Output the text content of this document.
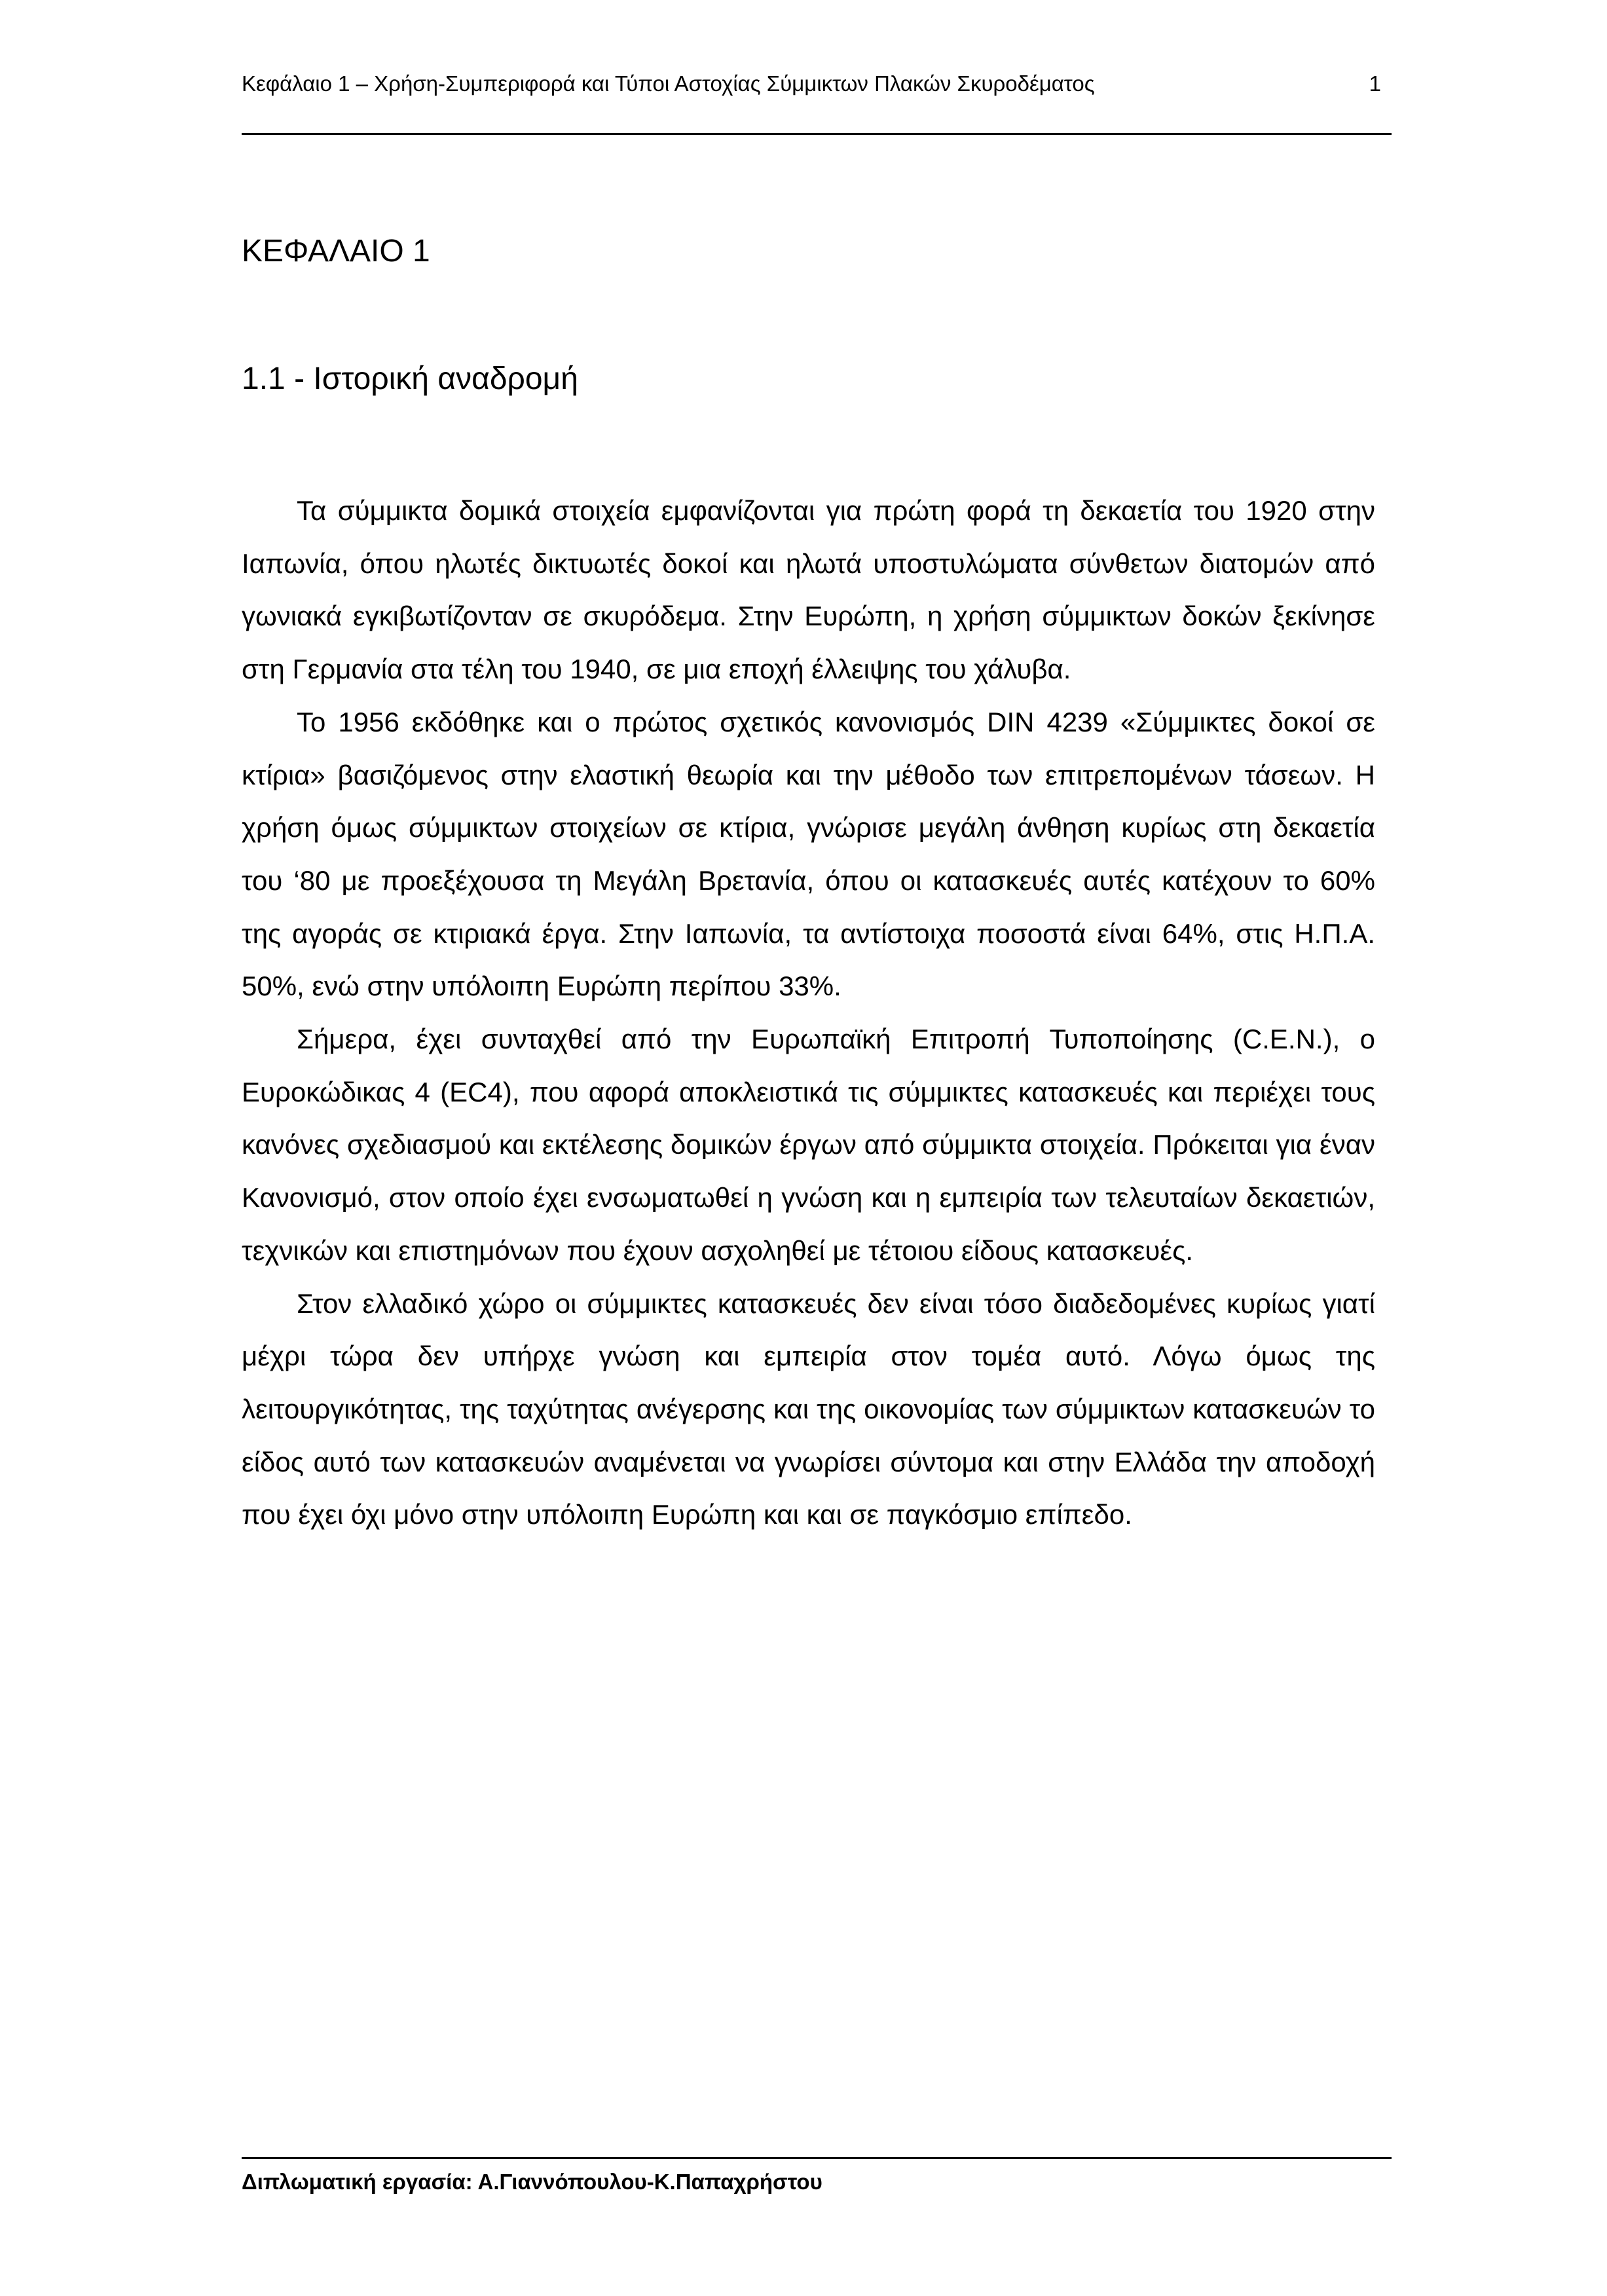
Κεφάλαιο 1 – Χρήση-Συμπεριφορά και Τύποι Αστοχίας Σύμμικτων Πλακών Σκυροδέματος	1
ΚΕΦΑΛΑΙΟ 1
1.1 - Ιστορική αναδρομή

Τα σύμμικτα δομικά στοιχεία εμφανίζονται για πρώτη φορά τη δεκαετία του 1920 στην Ιαπωνία, όπου ηλωτές δικτυωτές δοκοί και ηλωτά υποστυλώματα σύνθετων διατομών από γωνιακά εγκιβωτίζονταν σε σκυρόδεμα. Στην Ευρώπη, η χρήση σύμμικτων δοκών ξεκίνησε στη Γερμανία στα τέλη του 1940, σε μια εποχή έλλειψης του χάλυβα.

Το 1956 εκδόθηκε και ο πρώτος σχετικός κανονισμός DIN 4239 «Σύμμικτες δοκοί σε κτίρια» βασιζόμενος στην ελαστική θεωρία και την μέθοδο των επιτρεπομένων τάσεων. Η χρήση όμως σύμμικτων στοιχείων σε κτίρια, γνώρισε μεγάλη άνθηση κυρίως στη δεκαετία του ‘80 με προεξέχουσα τη Μεγάλη Βρετανία, όπου οι κατασκευές αυτές κατέχουν το 60% της αγοράς σε κτιριακά έργα. Στην Ιαπωνία, τα αντίστοιχα ποσοστά είναι 64%, στις Η.Π.Α. 50%, ενώ στην υπόλοιπη Ευρώπη περίπου 33%.

Σήμερα, έχει συνταχθεί από την Ευρωπαϊκή Επιτροπή Τυποποίησης (C.E.N.), ο Ευροκώδικας 4 (EC4), που αφορά αποκλειστικά τις σύμμικτες κατασκευές και περιέχει τους κανόνες σχεδιασμού και εκτέλεσης δομικών έργων από σύμμικτα στοιχεία. Πρόκειται για έναν Κανονισμό, στον οποίο έχει ενσωματωθεί η γνώση και η εμπειρία των τελευταίων δεκαετιών, τεχνικών και επιστημόνων που έχουν ασχοληθεί με τέτοιου είδους κατασκευές.

Στον ελλαδικό χώρο οι σύμμικτες κατασκευές δεν είναι τόσο διαδεδομένες κυρίως γιατί μέχρι τώρα δεν υπήρχε γνώση και εμπειρία στον τομέα αυτό. Λόγω όμως της λειτουργικότητας, της ταχύτητας ανέγερσης και της οικονομίας των σύμμικτων κατασκευών το είδος αυτό των κατασκευών αναμένεται να γνωρίσει σύντομα και στην Ελλάδα την αποδοχή που έχει όχι μόνο στην υπόλοιπη Ευρώπη και και σε παγκόσμιο επίπεδο.

Διπλωματική εργασία: Α.Γιαννόπουλου-Κ.Παπαχρήστου
